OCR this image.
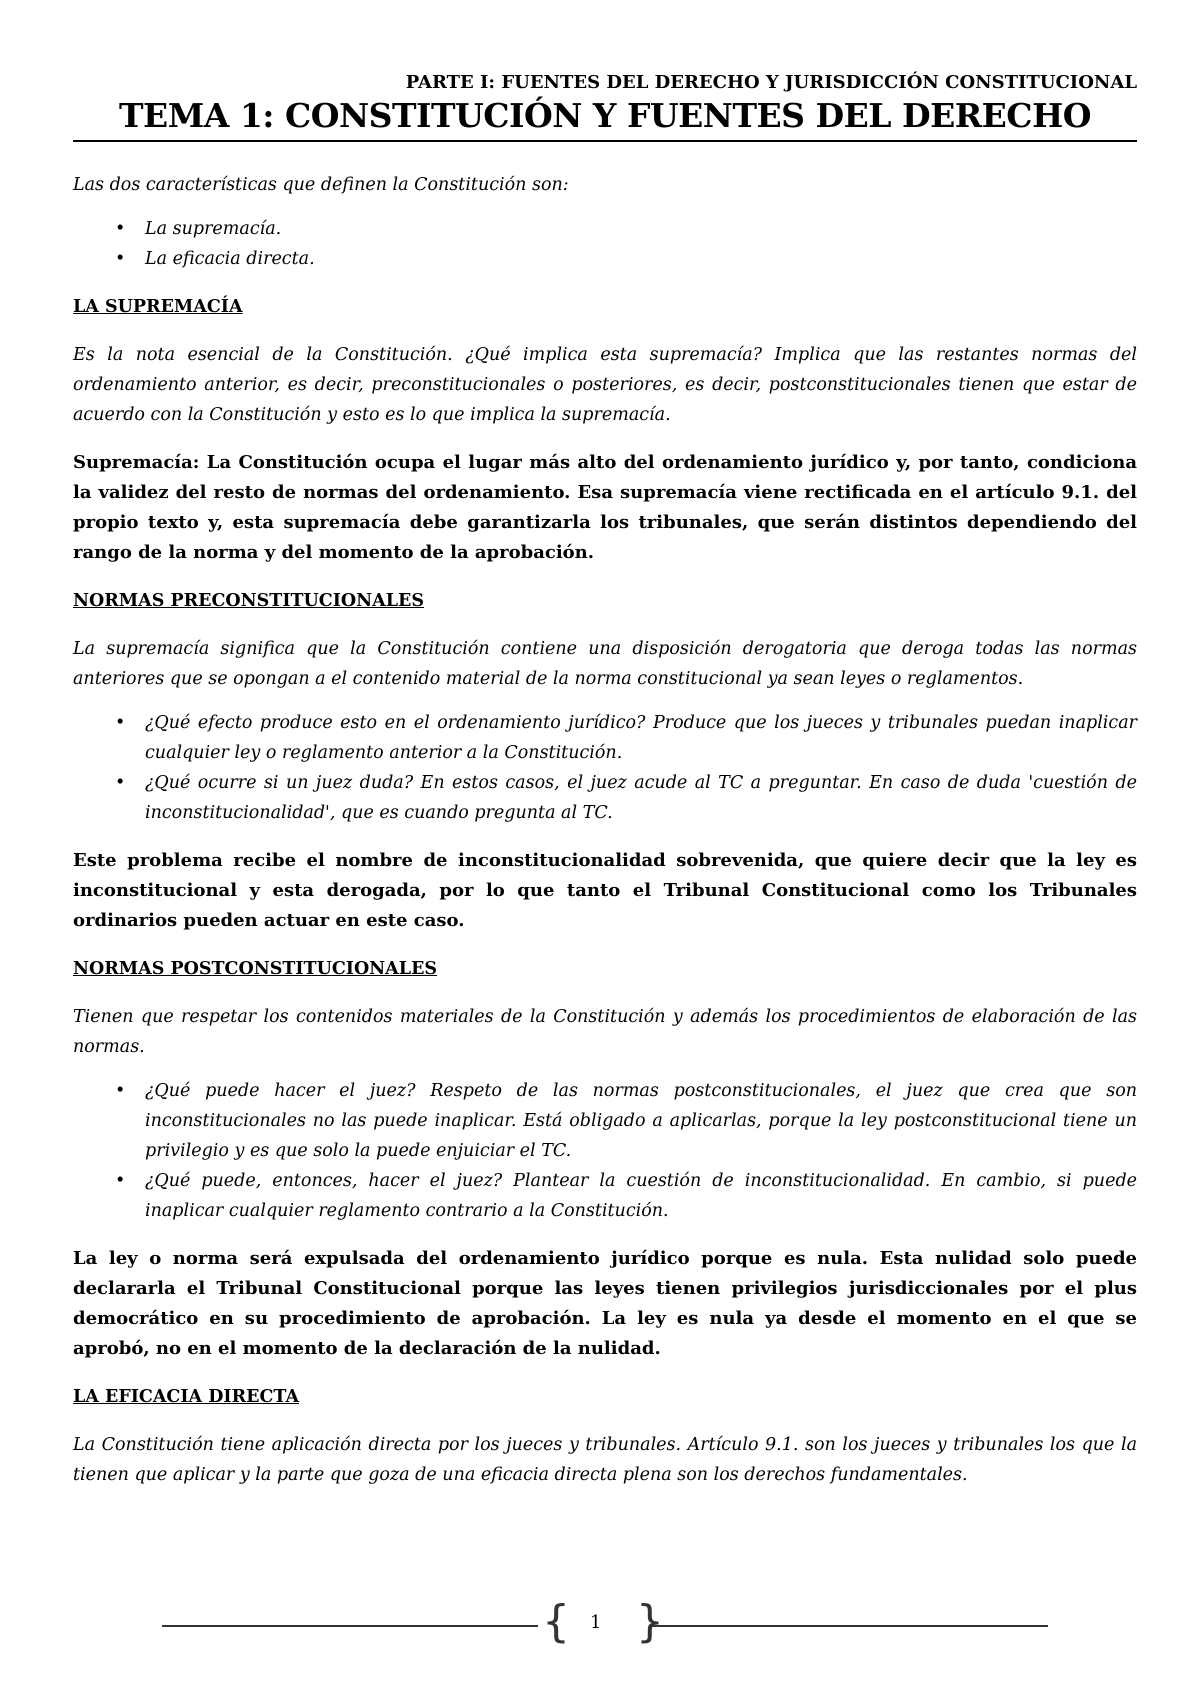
PARTE I: FUENTES DEL DERECHO Y JURISDICCIÓN CONSTITUCIONAL
TEMA 1: CONSTITUCIÓN Y FUENTES DEL DERECHO

Las dos características que definen la Constitución son:

• La supremacía.
• La eficacia directa.

LA SUPREMACÍA

Es la nota esencial de la Constitución. ¿Qué implica esta supremacía? Implica que las restantes normas del ordenamiento anterior, es decir, preconstitucionales o posteriores, es decir, postconstitucionales tienen que estar de acuerdo con la Constitución y esto es lo que implica la supremacía.

Supremacía: La Constitución ocupa el lugar más alto del ordenamiento jurídico y, por tanto, condiciona la validez del resto de normas del ordenamiento. Esa supremacía viene rectificada en el artículo 9.1. del propio texto y, esta supremacía debe garantizarla los tribunales, que serán distintos dependiendo del rango de la norma y del momento de la aprobación.

NORMAS PRECONSTITUCIONALES

La supremacía significa que la Constitución contiene una disposición derogatoria que deroga todas las normas anteriores que se opongan a el contenido material de la norma constitucional ya sean leyes o reglamentos.

• ¿Qué efecto produce esto en el ordenamiento jurídico? Produce que los jueces y tribunales puedan inaplicar cualquier ley o reglamento anterior a la Constitución.
• ¿Qué ocurre si un juez duda? En estos casos, el juez acude al TC a preguntar. En caso de duda 'cuestión de inconstitucionalidad', que es cuando pregunta al TC.

Este problema recibe el nombre de inconstitucionalidad sobrevenida, que quiere decir que la ley es inconstitucional y esta derogada, por lo que tanto el Tribunal Constitucional como los Tribunales ordinarios pueden actuar en este caso.

NORMAS POSTCONSTITUCIONALES

Tienen que respetar los contenidos materiales de la Constitución y además los procedimientos de elaboración de las normas.

• ¿Qué puede hacer el juez? Respeto de las normas postconstitucionales, el juez que crea que son inconstitucionales no las puede inaplicar. Está obligado a aplicarlas, porque la ley postconstitucional tiene un privilegio y es que solo la puede enjuiciar el TC.
• ¿Qué puede, entonces, hacer el juez? Plantear la cuestión de inconstitucionalidad. En cambio, si puede inaplicar cualquier reglamento contrario a la Constitución.

La ley o norma será expulsada del ordenamiento jurídico porque es nula. Esta nulidad solo puede declararla el Tribunal Constitucional porque las leyes tienen privilegios jurisdiccionales por el plus democrático en su procedimiento de aprobación. La ley es nula ya desde el momento en el que se aprobó, no en el momento de la declaración de la nulidad.

LA EFICACIA DIRECTA

La Constitución tiene aplicación directa por los jueces y tribunales. Artículo 9.1. son los jueces y tribunales los que la tienen que aplicar y la parte que goza de una eficacia directa plena son los derechos fundamentales.

{ 1 }
